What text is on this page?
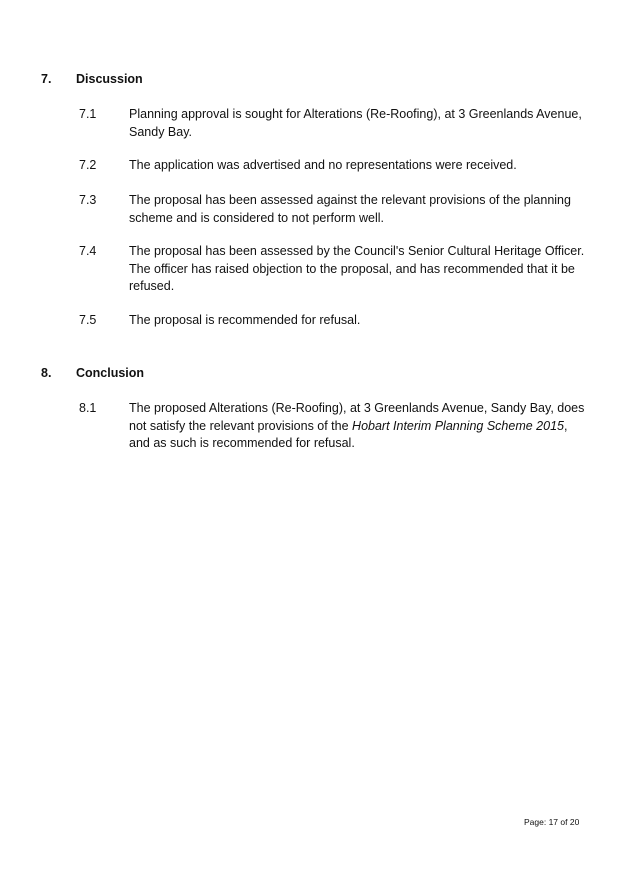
7. Discussion
7.1	Planning approval is sought for Alterations (Re-Roofing), at 3 Greenlands Avenue, Sandy Bay.
7.2	The application was advertised and no representations were received.
7.3	The proposal has been assessed against the relevant provisions of the planning scheme and is considered to not perform well.
7.4	The proposal has been assessed by the Council's Senior Cultural Heritage Officer. The officer has raised objection to the proposal, and has recommended that it be refused.
7.5	The proposal is recommended for refusal.
8. Conclusion
8.1	The proposed Alterations (Re-Roofing), at 3 Greenlands Avenue, Sandy Bay, does not satisfy the relevant provisions of the Hobart Interim Planning Scheme 2015, and as such is recommended for refusal.
Page: 17 of 20
